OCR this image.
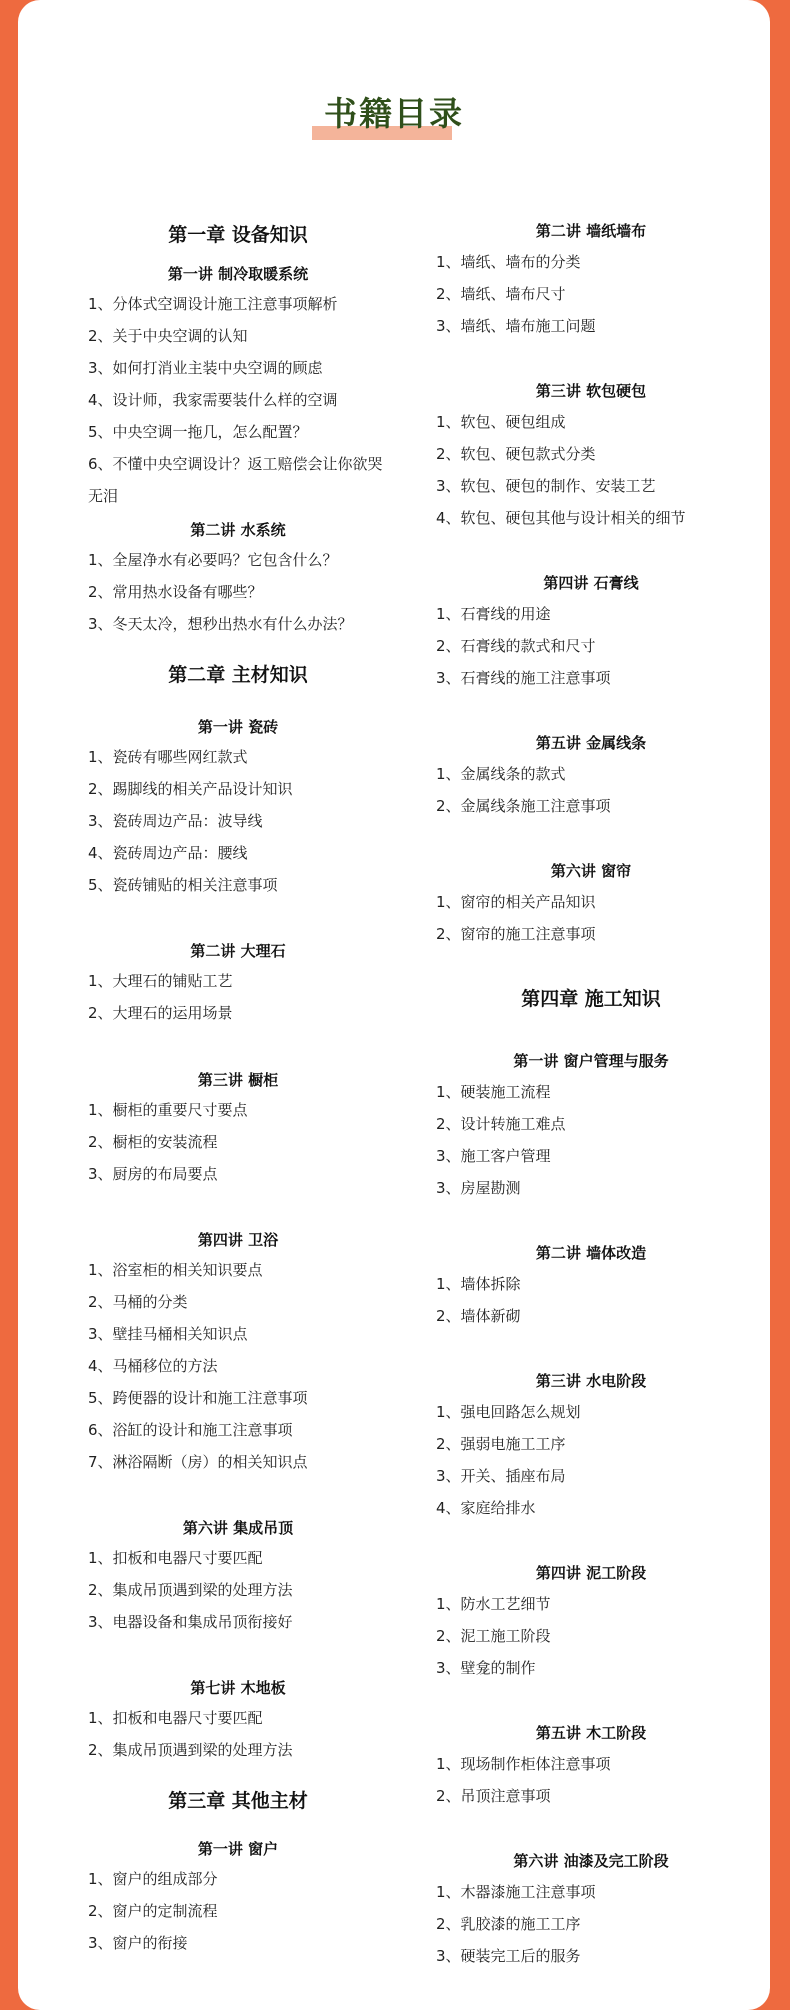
书籍目录
第一章 设备知识
第一讲 制冷取暖系统
1、分体式空调设计施工注意事项解析
2、关于中央空调的认知
3、如何打消业主装中央空调的顾虑
4、设计师，我家需要装什么样的空调
5、中央空调一拖几，怎么配置？
6、不懂中央空调设计？返工赔偿会让你欲哭无泪
第二讲 水系统
1、全屋净水有必要吗？它包含什么？
2、常用热水设备有哪些？
3、冬天太冷，想秒出热水有什么办法？
第二章 主材知识
第一讲 瓷砖
1、瓷砖有哪些网红款式
2、踢脚线的相关产品设计知识
3、瓷砖周边产品：波导线
4、瓷砖周边产品：腰线
5、瓷砖铺贴的相关注意事项
第二讲 大理石
1、大理石的铺贴工艺
2、大理石的运用场景
第三讲 橱柜
1、橱柜的重要尺寸要点
2、橱柜的安装流程
3、厨房的布局要点
第四讲 卫浴
1、浴室柜的相关知识要点
2、马桶的分类
3、壁挂马桶相关知识点
4、马桶移位的方法
5、跨便器的设计和施工注意事项
6、浴缸的设计和施工注意事项
7、淋浴隔断（房）的相关知识点
第六讲 集成吊顶
1、扣板和电器尺寸要匹配
2、集成吊顶遇到梁的处理方法
3、电器设备和集成吊顶衔接好
第七讲 木地板
1、扣板和电器尺寸要匹配
2、集成吊顶遇到梁的处理方法
第三章 其他主材
第一讲 窗户
1、窗户的组成部分
2、窗户的定制流程
3、窗户的衔接
第二讲 墙纸墙布
1、墙纸、墙布的分类
2、墙纸、墙布尺寸
3、墙纸、墙布施工问题
第三讲 软包硬包
1、软包、硬包组成
2、软包、硬包款式分类
3、软包、硬包的制作、安装工艺
4、软包、硬包其他与设计相关的细节
第四讲 石膏线
1、石膏线的用途
2、石膏线的款式和尺寸
3、石膏线的施工注意事项
第五讲 金属线条
1、金属线条的款式
2、金属线条施工注意事项
第六讲 窗帘
1、窗帘的相关产品知识
2、窗帘的施工注意事项
第四章 施工知识
第一讲 窗户管理与服务
1、硬装施工流程
2、设计转施工难点
3、施工客户管理
3、房屋勘测
第二讲 墙体改造
1、墙体拆除
2、墙体新砌
第三讲 水电阶段
1、强电回路怎么规划
2、强弱电施工工序
3、开关、插座布局
4、家庭给排水
第四讲 泥工阶段
1、防水工艺细节
2、泥工施工阶段
3、壁龛的制作
第五讲 木工阶段
1、现场制作柜体注意事项
2、吊顶注意事项
第六讲 油漆及完工阶段
1、木器漆施工注意事项
2、乳胶漆的施工工序
3、硬装完工后的服务
